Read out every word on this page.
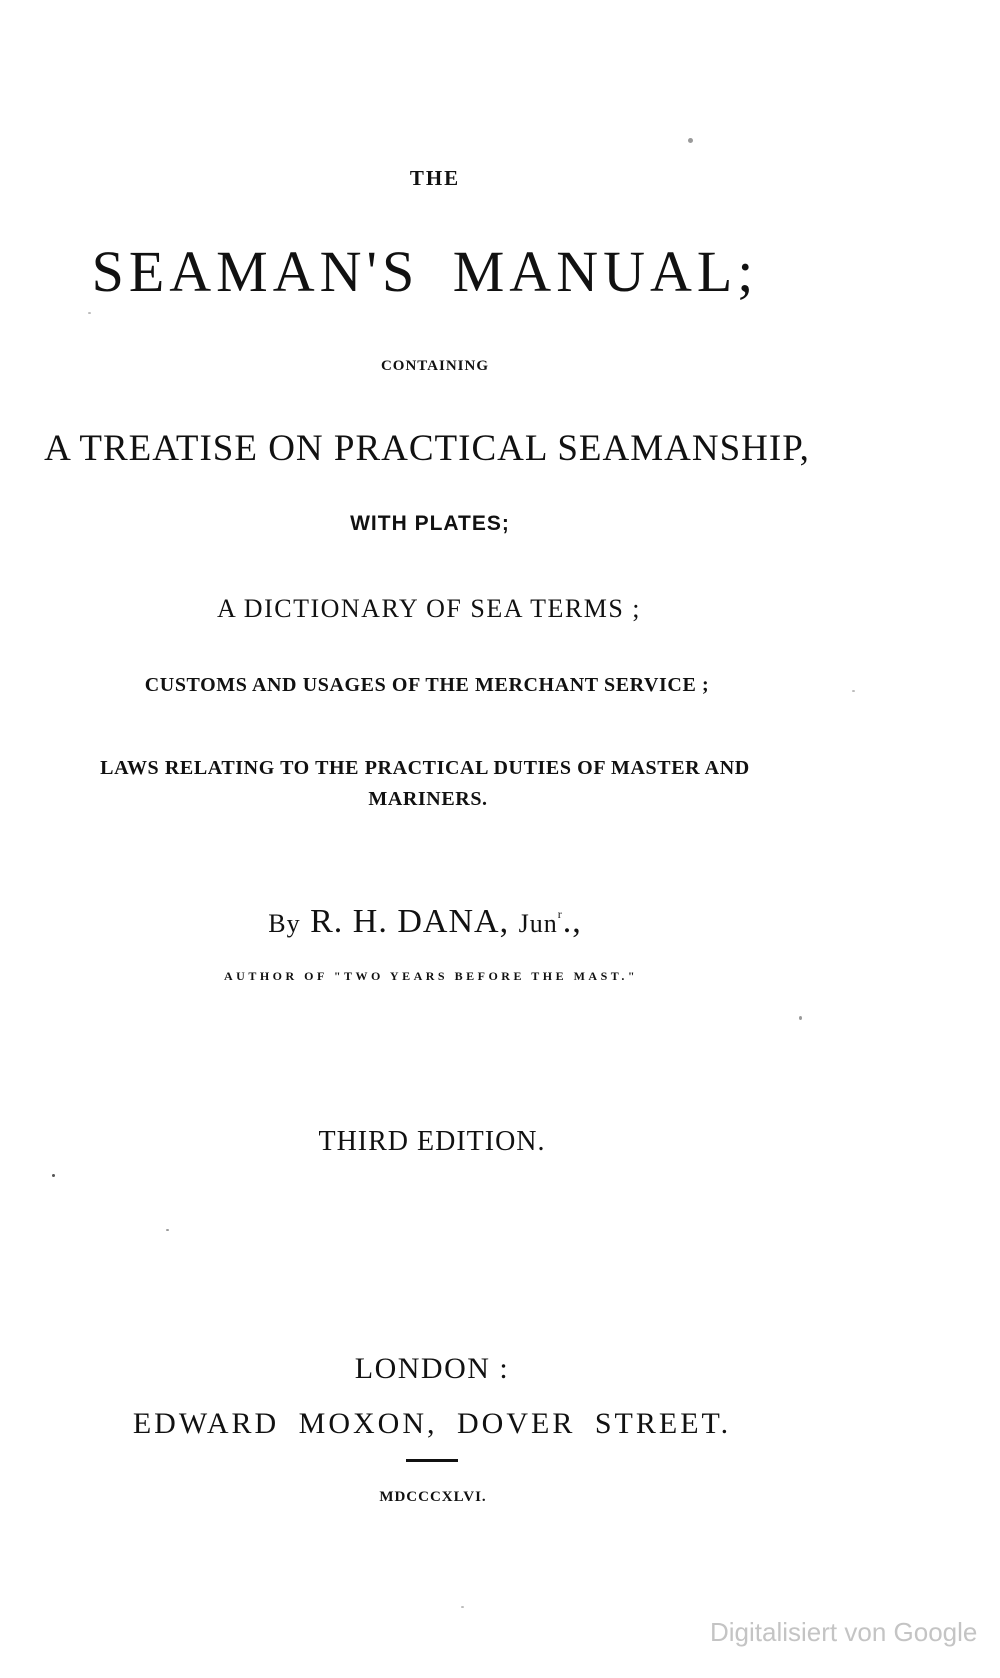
THE

SEAMAN'S MANUAL;

CONTAINING

A TREATISE ON PRACTICAL SEAMANSHIP,

WITH PLATES;

A DICTIONARY OF SEA TERMS ;

CUSTOMS AND USAGES OF THE MERCHANT SERVICE ;

LAWS RELATING TO THE PRACTICAL DUTIES OF MASTER AND

MARINERS.

By R. H. DANA, Jun$^r$.,

AUTHOR OF "TWO YEARS BEFORE THE MAST."

THIRD EDITION.

LONDON :

EDWARD MOXON, DOVER STREET.

MDCCCXLVI.

Digitalisiert von Google
